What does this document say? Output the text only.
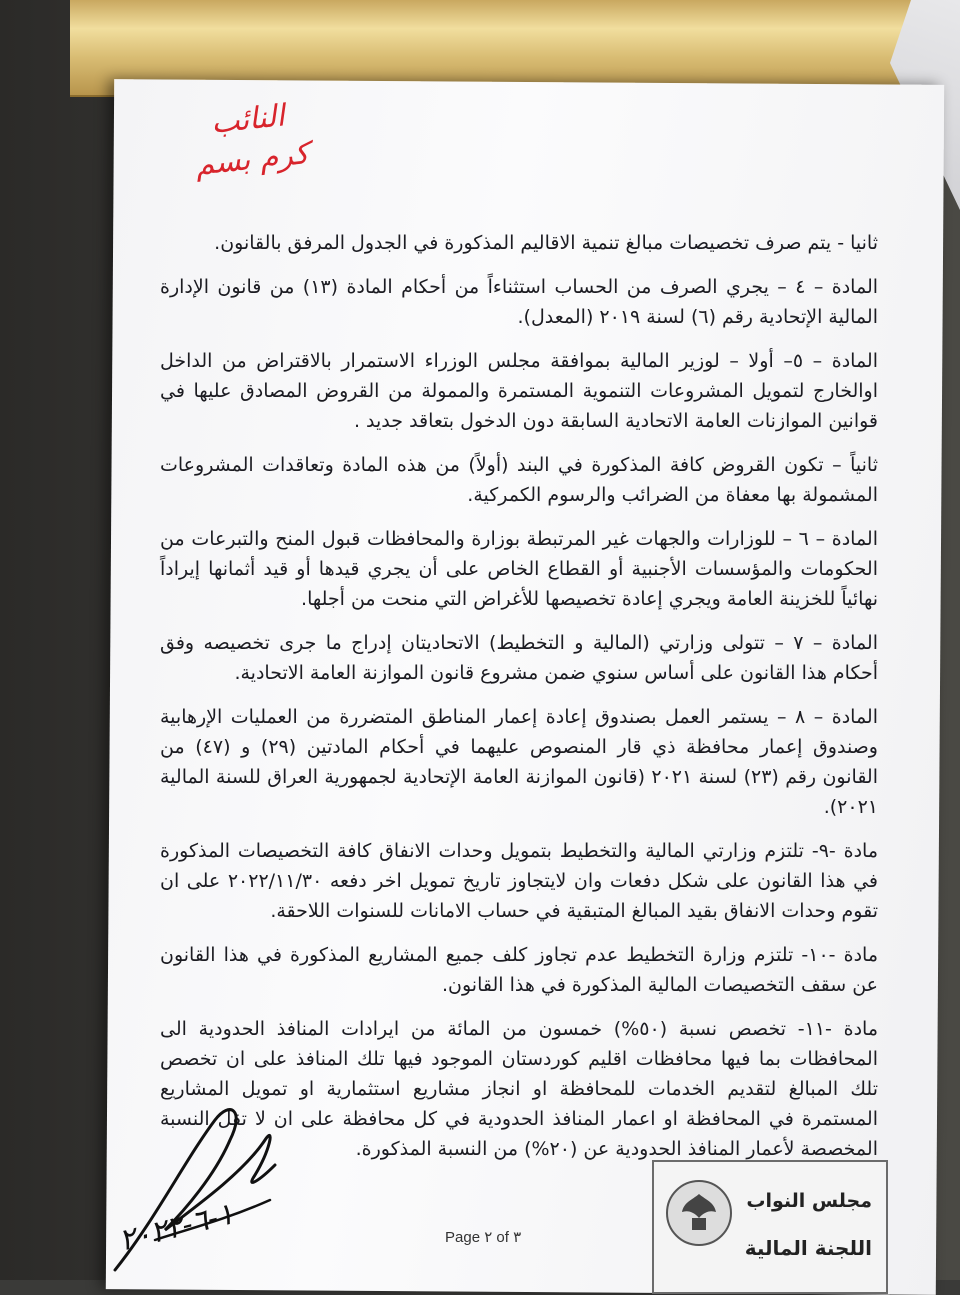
النائب
كرم بسم

ثانيا - يتم صرف تخصيصات مبالغ تنمية الاقاليم المذكورة في الجدول المرفق بالقانون.

المادة – ٤ – يجري الصرف من الحساب استثناءاً من أحكام المادة (١٣) من قانون الإدارة المالية الإتحادية رقم (٦) لسنة ٢٠١٩ (المعدل).

المادة – ٥– أولا – لوزير المالية بموافقة مجلس الوزراء الاستمرار بالاقتراض من الداخل اوالخارج لتمويل المشروعات التنموية المستمرة والممولة من القروض المصادق عليها في قوانين الموازنات العامة الاتحادية السابقة دون الدخول بتعاقد جديد .

ثانياً – تكون القروض كافة المذكورة في البند (أولاً) من هذه المادة وتعاقدات المشروعات المشمولة بها معفاة من الضرائب والرسوم الكمركية.

المادة – ٦ – للوزارات والجهات غير المرتبطة بوزارة والمحافظات قبول المنح والتبرعات من الحكومات والمؤسسات الأجنبية أو القطاع الخاص على أن يجري قيدها أو قيد أثمانها إيراداً نهائياً للخزينة العامة ويجري إعادة تخصيصها للأغراض التي منحت من أجلها.

المادة – ٧ – تتولى وزارتي (المالية و التخطيط) الاتحاديتان إدراج ما جرى تخصيصه وفق أحكام هذا القانون على أساس سنوي ضمن مشروع قانون الموازنة العامة الاتحادية.

المادة – ٨ – يستمر العمل بصندوق إعادة إعمار المناطق المتضررة من العمليات الإرهابية وصندوق إعمار محافظة ذي قار المنصوص عليهما في أحكام المادتين (٢٩) و (٤٧) من القانون رقم (٢٣) لسنة ٢٠٢١ (قانون الموازنة العامة الإتحادية لجمهورية العراق للسنة المالية ٢٠٢١).

مادة -٩- تلتزم وزارتي المالية والتخطيط بتمويل وحدات الانفاق كافة التخصيصات المذكورة في هذا القانون على شكل دفعات وان لايتجاوز تاريخ تمويل اخر دفعه ٢٠٢٢/١١/٣٠ على ان تقوم وحدات الانفاق بقيد المبالغ المتبقية في حساب الامانات للسنوات اللاحقة.

مادة -١٠- تلتزم وزارة التخطيط عدم تجاوز كلف جميع المشاريع المذكورة في هذا القانون عن سقف التخصيصات المالية المذكورة في هذا القانون.

مادة -١١- تخصص نسبة (٥٠%) خمسون من المائة من ايرادات المنافذ الحدودية الى المحافظات بما فيها محافظات اقليم كوردستان الموجود فيها تلك المنافذ على ان تخصص تلك المبالغ لتقديم الخدمات للمحافظة او انجاز مشاريع استثمارية او تمويل المشاريع المستمرة في المحافظة او اعمار المنافذ الحدودية في كل محافظة على ان لا تقل النسبة المخصصة لأعمار المنافذ الحدودية عن (٢٠%) من النسبة المذكورة.

١-٦-٢٠٢٢
Page ٢ of ٣
مجلس النواب
اللجنة المالية
